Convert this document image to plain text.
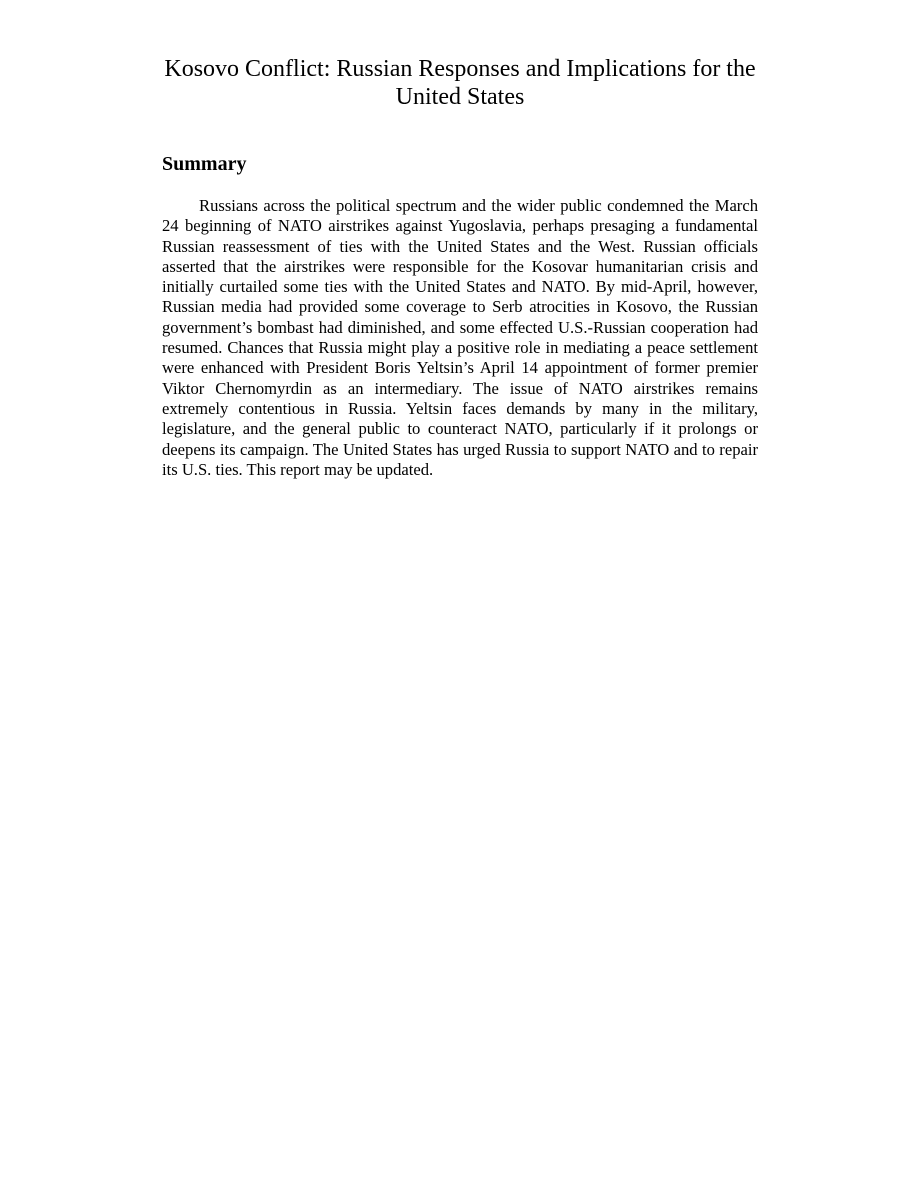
Kosovo Conflict: Russian Responses and Implications for the United States
Summary

Russians across the political spectrum and the wider public condemned the March 24 beginning of NATO airstrikes against Yugoslavia, perhaps presaging a fundamental Russian reassessment of ties with the United States and the West. Russian officials asserted that the airstrikes were responsible for the Kosovar humanitarian crisis and initially curtailed some ties with the United States and NATO. By mid-April, however, Russian media had provided some coverage to Serb atrocities in Kosovo, the Russian government’s bombast had diminished, and some effected U.S.-Russian cooperation had resumed. Chances that Russia might play a positive role in mediating a peace settlement were enhanced with President Boris Yeltsin’s April 14 appointment of former premier Viktor Chernomyrdin as an intermediary. The issue of NATO airstrikes remains extremely contentious in Russia. Yeltsin faces demands by many in the military, legislature, and the general public to counteract NATO, particularly if it prolongs or deepens its campaign. The United States has urged Russia to support NATO and to repair its U.S. ties. This report may be updated.
